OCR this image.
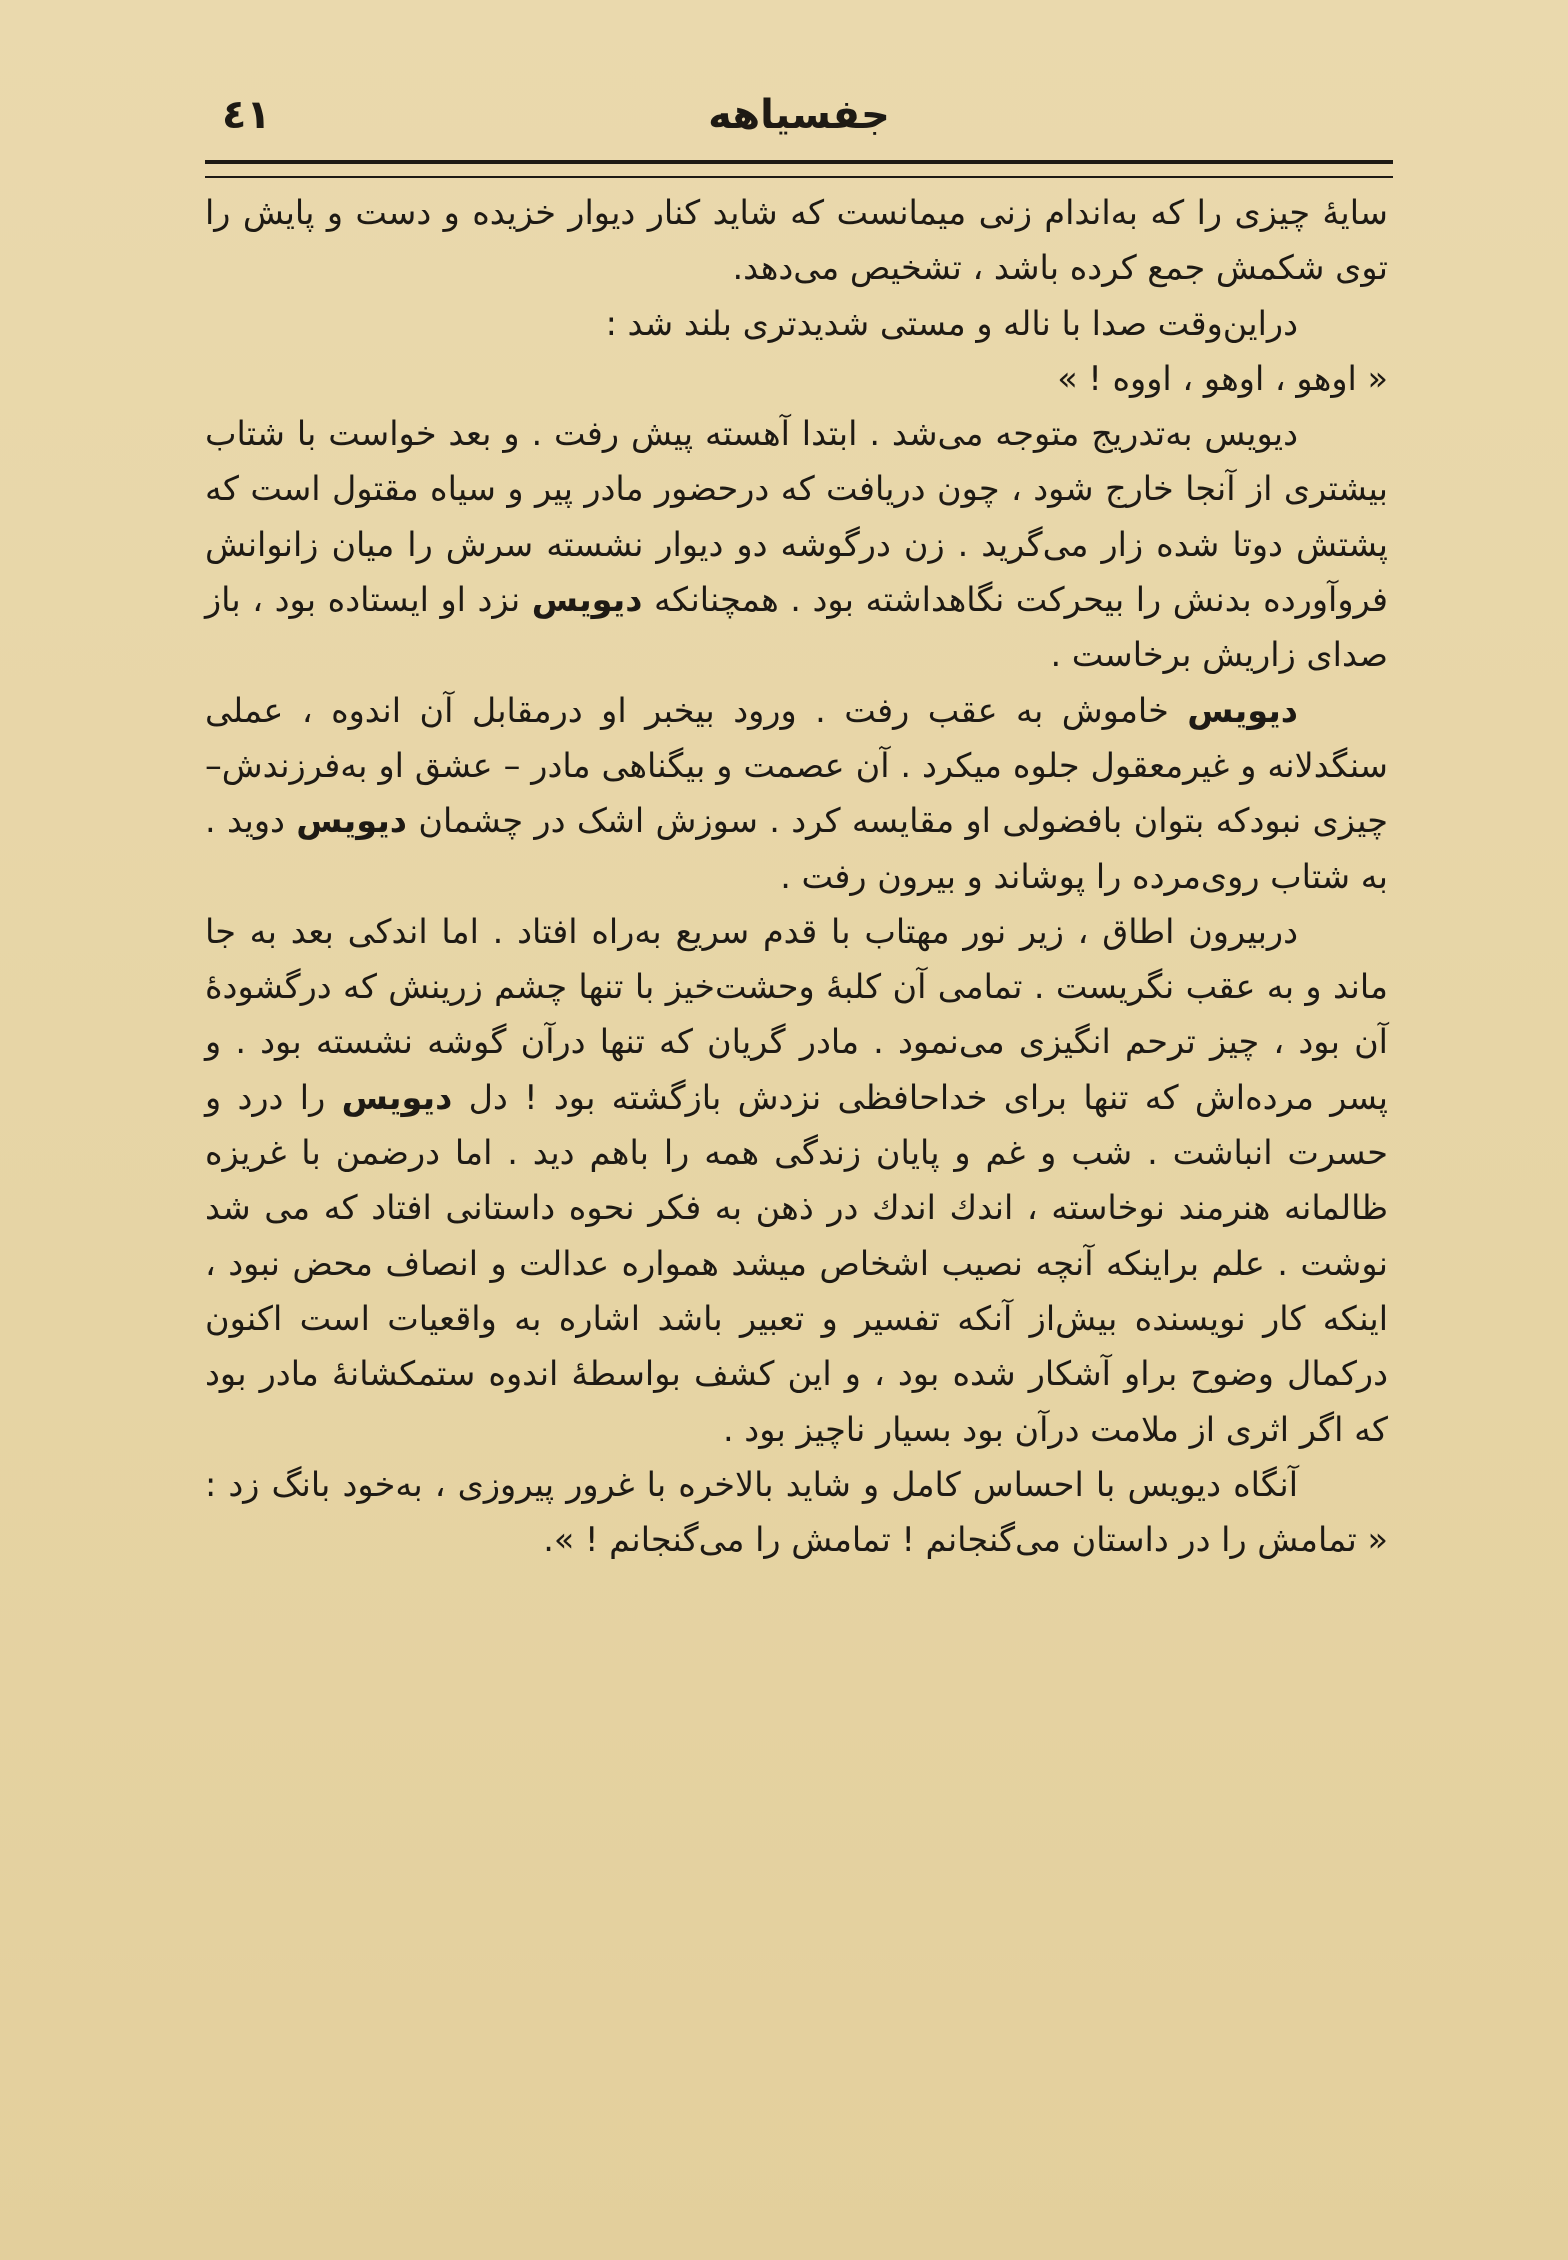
٤١	جفسیاهه

سایهٔ چیزی را که به‌اندام زنی میمانست که شاید کنار دیوار خزیده و دست و پایش را توی شکمش جمع کرده باشد ، تشخیص می‌دهد.

دراین‌وقت صدا با ناله و مستی شدیدتری بلند شد :

« اوهو ، اوهو ، اووه ! »

دیویس به‌تدریج متوجه می‌شد . ابتدا آهسته پیش رفت . و بعد خواست با شتاب بیشتری از آنجا خارج شود ، چون دریافت که درحضور مادر پیر و سیاه مقتول است که پشتش دوتا شده زار می‌گرید . زن درگوشه دو دیوار نشسته سرش را میان زانوانش فروآورده بدنش را بیحرکت نگاهداشته بود . همچنانکه دیویس نزد او ایستاده بود ، باز صدای زاریش برخاست .

دیویس خاموش به عقب رفت . ورود بیخبر او درمقابل آن اندوه ، عملی سنگدلانه و غیرمعقول جلوه میکرد . آن عصمت و بیگناهی مادر – عشق او به‌فرزندش– چیزی نبودکه بتوان بافضولی او مقایسه کرد . سوزش اشک در چشمان دیویس دوید . به شتاب روی‌مرده را پوشاند و بیرون رفت .

دربیرون اطاق ، زیر نور مهتاب با قدم سریع به‌راه افتاد . اما اندکی بعد به جا ماند و به عقب نگریست . تمامی آن کلبهٔ وحشت‌خیز با تنها چشم زرینش که درگشودهٔ آن بود ، چیز ترحم انگیزی می‌نمود . مادر گریان که تنها درآن گوشه نشسته بود . و پسر مرده‌اش که تنها برای خداحافظی نزدش بازگشته بود ! دل دیویس را درد و حسرت انباشت . شب و غم و پایان زندگی همه را باهم دید . اما درضمن با غریزه ظالمانه هنرمند نوخاسته ، اندك اندك در ذهن به فکر نحوه داستانی افتاد که می شد نوشت . علم براینکه آنچه نصیب اشخاص میشد همواره عدالت و انصاف محض نبود ، اینکه کار نویسنده بیش‌از آنکه تفسیر و تعبیر باشد اشاره به واقعیات است اکنون درکمال وضوح براو آشکار شده بود ، و این کشف بواسطهٔ اندوه ستمکشانهٔ مادر بود که اگر اثری از ملامت درآن بود بسیار ناچیز بود .

آنگاه دیویس با احساس کامل و شاید بالاخره با غرور پیروزی ، به‌خود بانگ زد : « تمامش را در داستان می‌گنجانم ! تمامش را می‌گنجانم ! ».
